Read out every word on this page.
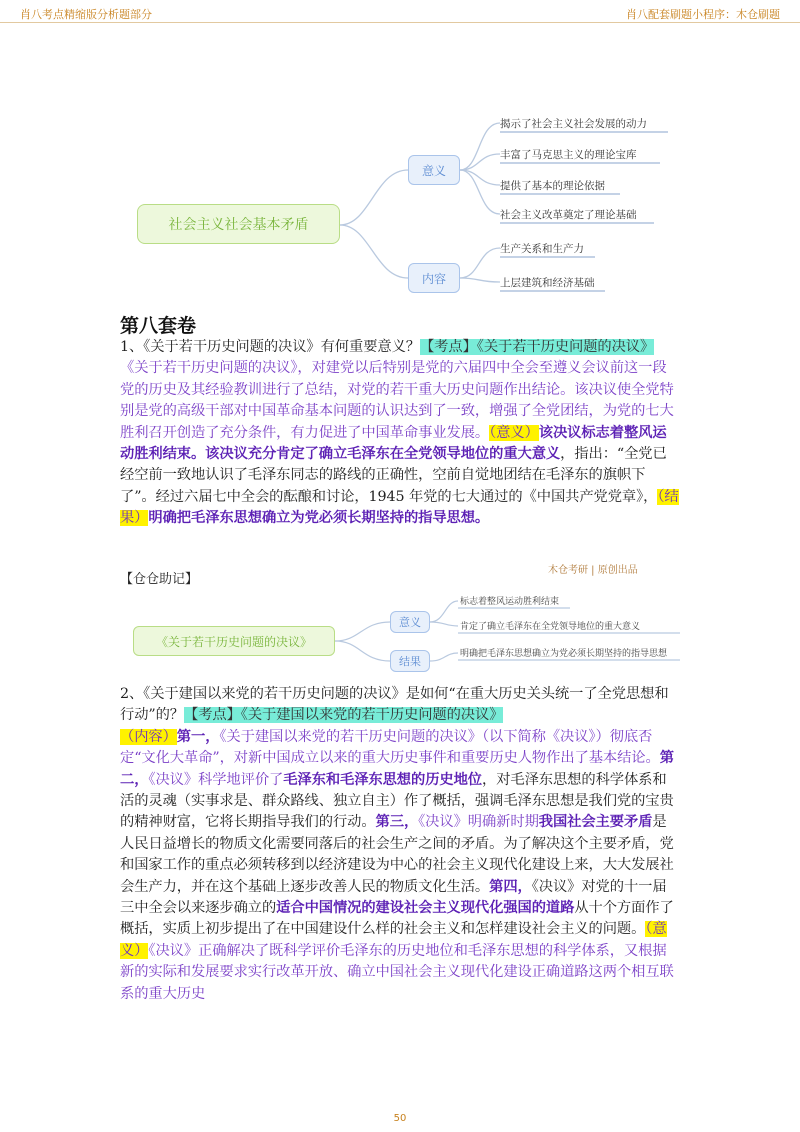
肖八考点精缩版分析题部分	肖八配套刷题小程序：木仓刷题
社会主义社会基本矛盾
意义
内容
揭示了社会主义社会发展的动力
丰富了马克思主义的理论宝库
提供了基本的理论依据
社会主义改革奠定了理论基础
生产关系和生产力
上层建筑和经济基础
第八套卷
1、《关于若干历史问题的决议》有何重要意义？【考点】《关于若干历史问题的决议》
《关于若干历史问题的决议》，对建党以后特别是党的六届四中全会至遵义会议前这一段党的历史及其经验教训进行了总结，对党的若干重大历史问题作出结论。该决议使全党特别是党的高级干部对中国革命基本问题的认识达到了一致，增强了全党团结，为党的七大胜利召开创造了充分条件，有力促进了中国革命事业发展。（意义）该决议标志着整风运动胜利结束。该决议充分肯定了确立毛泽东在全党领导地位的重大意义，指出：“全党已经空前一致地认识了毛泽东同志的路线的正确性，空前自觉地团结在毛泽东的旗帜下了”。经过六届七中全会的酝酿和讨论，1945 年党的七大通过的《中国共产党党章》，（结果）明确把毛泽东思想确立为党必须长期坚持的指导思想。
木仓考研 | 原创出品
【仓仓助记】
《关于若干历史问题的决议》
意义
结果
标志着整风运动胜利结束
肯定了确立毛泽东在全党领导地位的重大意义
明确把毛泽东思想确立为党必须长期坚持的指导思想
2、《关于建国以来党的若干历史问题的决议》是如何“在重大历史关头统一了全党思想和行动”的？【考点】《关于建国以来党的若干历史问题的决议》
（内容）第一，《关于建国以来党的若干历史问题的决议》（以下简称《决议》）彻底否定“文化大革命”，对新中国成立以来的重大历史事件和重要历史人物作出了基本结论。第二，《决议》科学地评价了毛泽东和毛泽东思想的历史地位，对毛泽东思想的科学体系和活的灵魂（实事求是、群众路线、独立自主）作了概括，强调毛泽东思想是我们党的宝贵的精神财富，它将长期指导我们的行动。第三，《决议》明确新时期我国社会主要矛盾是人民日益增长的物质文化需要同落后的社会生产之间的矛盾。为了解决这个主要矛盾，党和国家工作的重点必须转移到以经济建设为中心的社会主义现代化建设上来，大大发展社会生产力，并在这个基础上逐步改善人民的物质文化生活。第四，《决议》对党的十一届三中全会以来逐步确立的适合中国情况的建设社会主义现代化强国的道路从十个方面作了概括，实质上初步提出了在中国建设什么样的社会主义和怎样建设社会主义的问题。（意义）《决议》正确解决了既科学评价毛泽东的历史地位和毛泽东思想的科学体系，又根据新的实际和发展要求实行改革开放、确立中国社会主义现代化建设正确道路这两个相互联系的重大历史
50
